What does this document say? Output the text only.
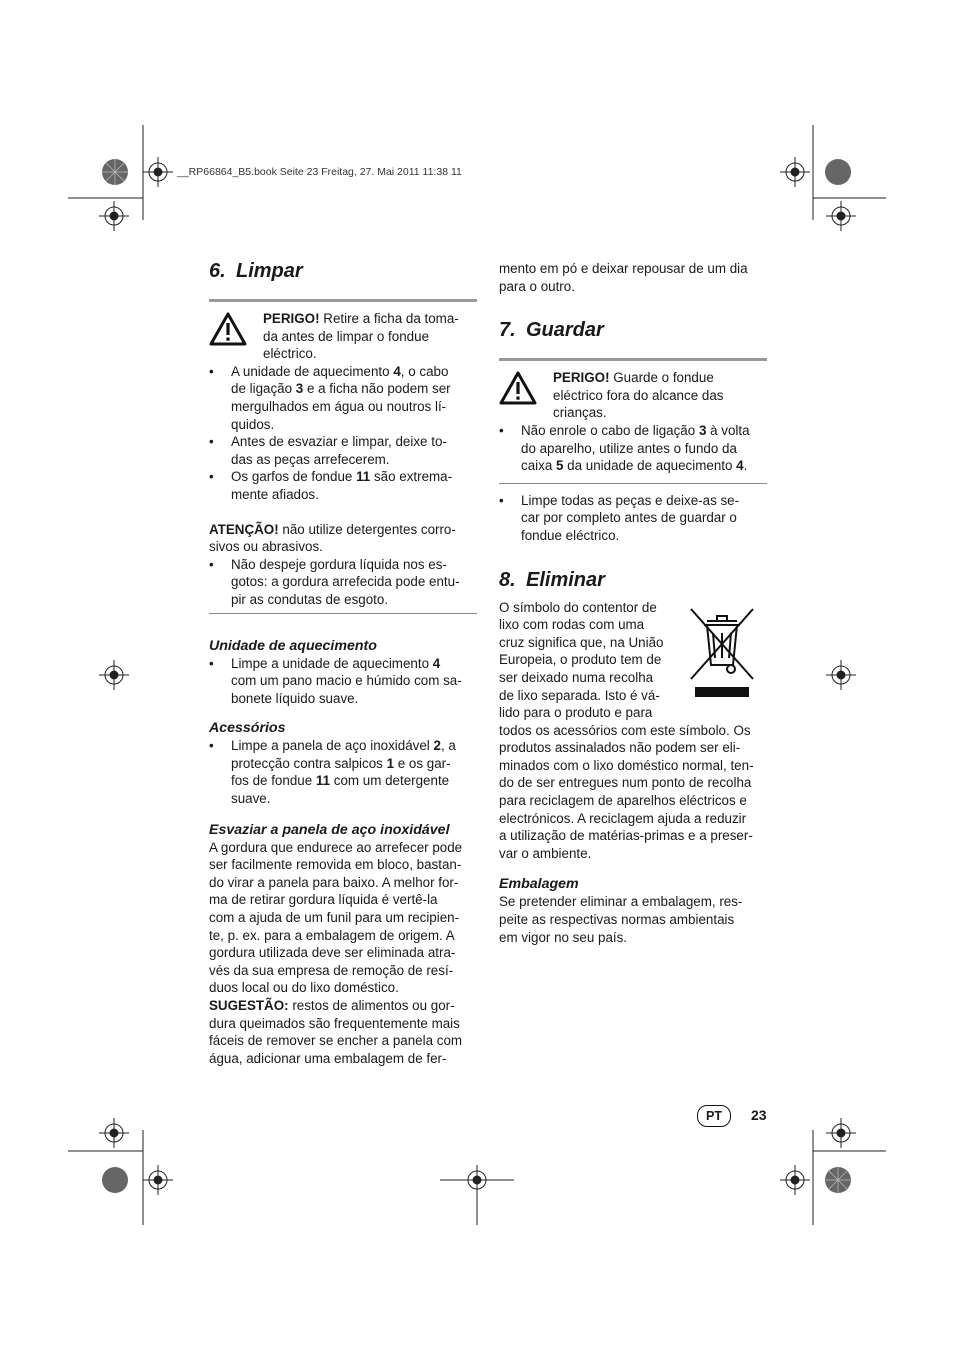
__RP66864_B5.book Seite 23 Freitag, 27. Mai 2011 11:38 11
6. Limpar

PERIGO! Retire a ficha da toma-

da antes de limpar o fondue

eléctrico.

• A unidade de aquecimento 4, o cabo
de ligação 3 e a ficha não podem ser
mergulhados em água ou noutros lí-
quidos.
• Antes de esvaziar e limpar, deixe to-
das as peças arrefecerem.
• Os garfos de fondue 11 são extrema-
mente afiados.

ATENÇÃO! não utilize detergentes corro-
sivos ou abrasivos.

• Não despeje gordura líquida nos es-
gotos: a gordura arrefecida pode entu-
pir as condutas de esgoto.
Unidade de aquecimento
• Limpe a unidade de aquecimento 4
com um pano macio e húmido com sa-
bonete líquido suave.
Acessórios
• Limpe a panela de aço inoxidável 2, a
protecção contra salpicos 1 e os gar-
fos de fondue 11 com um detergente
suave.
Esvaziar a panela de aço inoxidável

A gordura que endurece ao arrefecer pode

ser facilmente removida em bloco, bastan-

do virar a panela para baixo. A melhor for-

ma de retirar gordura líquida é vertê-la

com a ajuda de um funil para um recipien-

te, p. ex. para a embalagem de origem. A

gordura utilizada deve ser eliminada atra-

vés da sua empresa de remoção de resí-

duos local ou do lixo doméstico.

SUGESTÃO: restos de alimentos ou gor-

dura queimados são frequentemente mais

fáceis de remover se encher a panela com

água, adicionar uma embalagem de fer-

mento em pó e deixar repousar de um dia

para o outro.

7. Guardar

PERIGO! Guarde o fondue

eléctrico fora do alcance das

crianças.

• Não enrole o cabo de ligação 3 à volta
do aparelho, utilize antes o fundo da
caixa 5 da unidade de aquecimento 4.
• Limpe todas as peças e deixe-as se-
car por completo antes de guardar o
fondue eléctrico.
8. Eliminar

O símbolo do contentor de

lixo com rodas com uma

cruz significa que, na União

Europeia, o produto tem de

ser deixado numa recolha

de lixo separada. Isto é vá-

lido para o produto e para

todos os acessórios com este símbolo. Os

produtos assinalados não podem ser eli-

minados com o lixo doméstico normal, ten-

do de ser entregues num ponto de recolha

para reciclagem de aparelhos eléctricos e

electrónicos. A reciclagem ajuda a reduzir

a utilização de matérias-primas e a preser-

var o ambiente.

Embalagem

Se pretender eliminar a embalagem, res-

peite as respectivas normas ambientais

em vigor no seu país.

PT	23
